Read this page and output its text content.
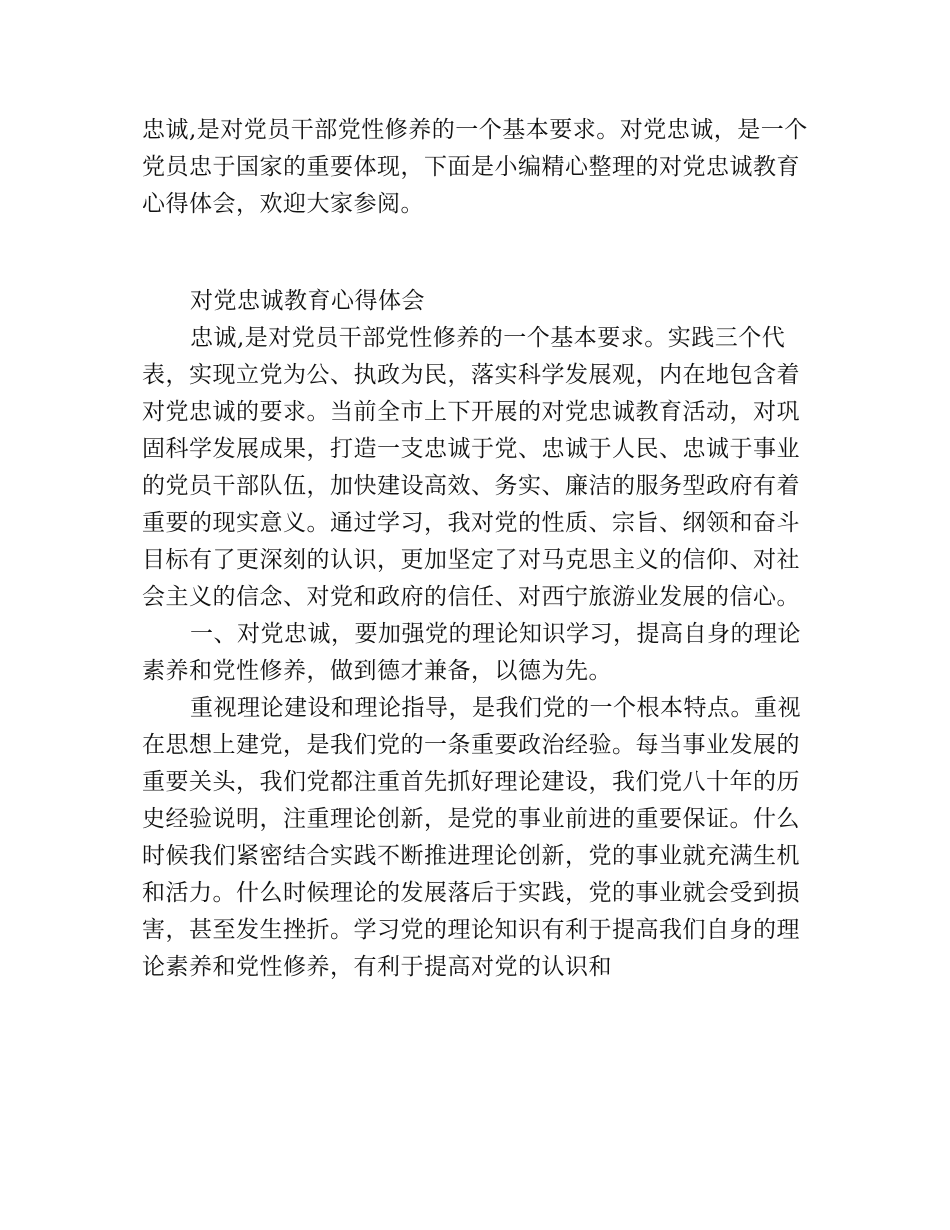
忠诚,是对党员干部党性修养的一个基本要求。对党忠诚，是一个党员忠于国家的重要体现，下面是小编精心整理的对党忠诚教育心得体会，欢迎大家参阅。

对党忠诚教育心得体会

忠诚,是对党员干部党性修养的一个基本要求。实践三个代表，实现立党为公、执政为民，落实科学发展观，内在地包含着对党忠诚的要求。当前全市上下开展的对党忠诚教育活动，对巩固科学发展成果，打造一支忠诚于党、忠诚于人民、忠诚于事业的党员干部队伍，加快建设高效、务实、廉洁的服务型政府有着重要的现实意义。通过学习，我对党的性质、宗旨、纲领和奋斗目标有了更深刻的认识，更加坚定了对马克思主义的信仰、对社会主义的信念、对党和政府的信任、对西宁旅游业发展的信心。

一、对党忠诚，要加强党的理论知识学习，提高自身的理论素养和党性修养，做到德才兼备，以德为先。

重视理论建设和理论指导，是我们党的一个根本特点。重视在思想上建党，是我们党的一条重要政治经验。每当事业发展的重要关头，我们党都注重首先抓好理论建设，我们党八十年的历史经验说明，注重理论创新，是党的事业前进的重要保证。什么时候我们紧密结合实践不断推进理论创新，党的事业就充满生机和活力。什么时候理论的发展落后于实践，党的事业就会受到损害，甚至发生挫折。学习党的理论知识有利于提高我们自身的理论素养和党性修养，有利于提高对党的认识和
